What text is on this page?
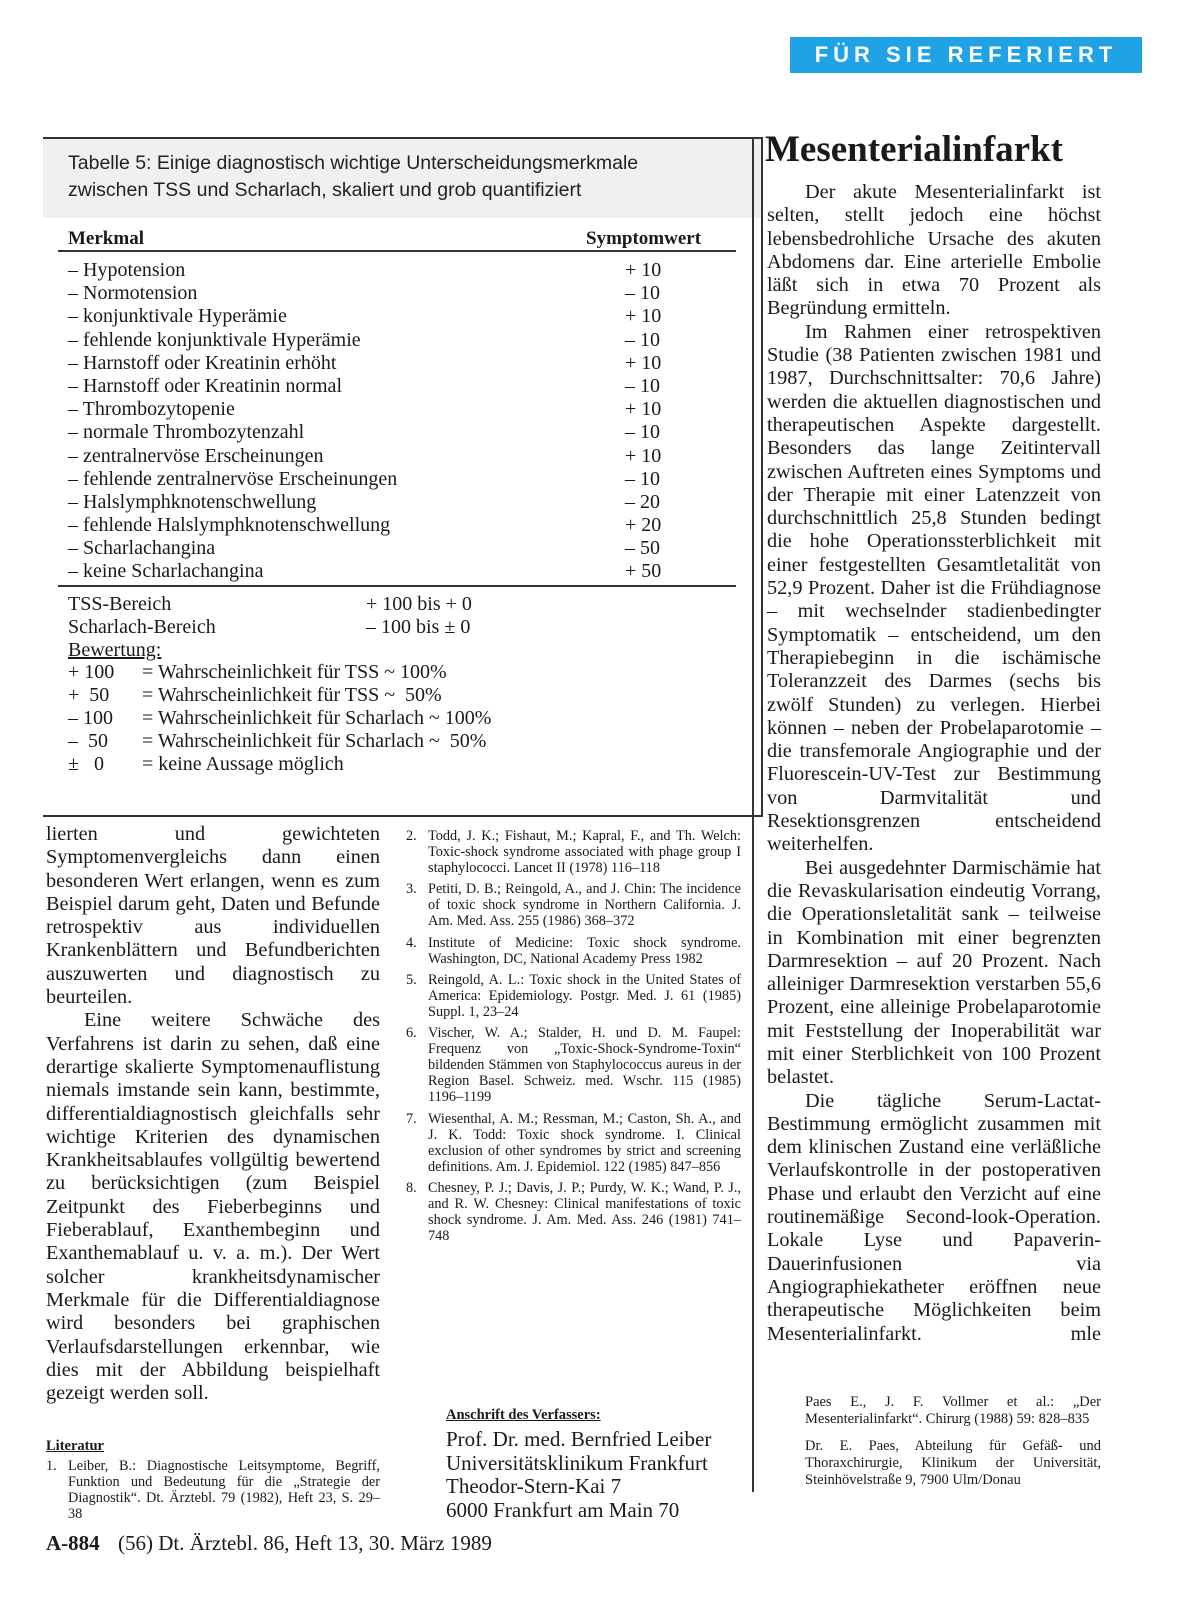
FÜR SIE REFERIERT
Tabelle 5: Einige diagnostisch wichtige Unterscheidungsmerkmale
zwischen TSS und Scharlach, skaliert und grob quantifiziert
Merkmal	Symptomwert
– Hypotension	+ 10
– Normotension	– 10
– konjunktivale Hyperämie	+ 10
– fehlende konjunktivale Hyperämie	– 10
– Harnstoff oder Kreatinin erhöht	+ 10
– Harnstoff oder Kreatinin normal	– 10
– Thrombozytopenie	+ 10
– normale Thrombozytenzahl	– 10
– zentralnervöse Erscheinungen	+ 10
– fehlende zentralnervöse Erscheinungen	– 10
– Halslymphknotenschwellung	– 20
– fehlende Halslymphknotenschwellung	+ 20
– Scharlachangina	– 50
– keine Scharlachangina	+ 50
TSS-Bereich	+ 100 bis + 0
Scharlach-Bereich	– 100 bis ± 0
Bewertung:
+ 100 = Wahrscheinlichkeit für TSS ~ 100%
+  50 = Wahrscheinlichkeit für TSS ~  50%
– 100 = Wahrscheinlichkeit für Scharlach ~ 100%
–  50 = Wahrscheinlichkeit für Scharlach ~  50%
±   0 = keine Aussage möglich

lierten und gewichteten Symptomenvergleichs dann einen besonderen Wert erlangen, wenn es zum Beispiel darum geht, Daten und Befunde retrospektiv aus individuellen Krankenblättern und Befundberichten auszuwerten und diagnostisch zu beurteilen.

Eine weitere Schwäche des Verfahrens ist darin zu sehen, daß eine derartige skalierte Symptomenauflistung niemals imstande sein kann, bestimmte, differentialdiagnostisch gleichfalls sehr wichtige Kriterien des dynamischen Krankheitsablaufes vollgültig bewertend zu berücksichtigen (zum Beispiel Zeitpunkt des Fieberbeginns und Fieberablauf, Exanthembeginn und Exanthemablauf u. v. a. m.). Der Wert solcher krankheitsdynamischer Merkmale für die Differentialdiagnose wird besonders bei graphischen Verlaufsdarstellungen erkennbar, wie dies mit der Abbildung beispielhaft gezeigt werden soll.

Literatur

1. Leiber, B.: Diagnostische Leitsymptome, Begriff, Funktion und Bedeutung für die „Strategie der Diagnostik“. Dt. Ärztebl. 79 (1982), Heft 23, S. 29–38

2. Todd, J. K.; Fishaut, M.; Kapral, F., and Th. Welch: Toxic-shock syndrome associated with phage group I staphylococci. Lancet II (1978) 116–118

3. Petiti, D. B.; Reingold, A., and J. Chin: The incidence of toxic shock syndrome in Northern California. J. Am. Med. Ass. 255 (1986) 368–372

4. Institute of Medicine: Toxic shock syndrome. Washington, DC, National Academy Press 1982

5. Reingold, A. L.: Toxic shock in the United States of America: Epidemiology. Postgr. Med. J. 61 (1985) Suppl. 1, 23–24

6. Vischer, W. A.; Stalder, H. und D. M. Faupel: Frequenz von „Toxic-Shock-Syndrome-Toxin“ bildenden Stämmen von Staphylococcus aureus in der Region Basel. Schweiz. med. Wschr. 115 (1985) 1196–1199

7. Wiesenthal, A. M.; Ressman, M.; Caston, Sh. A., and J. K. Todd: Toxic shock syndrome. I. Clinical exclusion of other syndromes by strict and screening definitions. Am. J. Epidemiol. 122 (1985) 847–856

8. Chesney, P. J.; Davis, J. P.; Purdy, W. K.; Wand, P. J., and R. W. Chesney: Clinical manifestations of toxic shock syndrome. J. Am. Med. Ass. 246 (1981) 741–748

Anschrift des Verfassers:
Prof. Dr. med. Bernfried Leiber
Universitätsklinikum Frankfurt
Theodor-Stern-Kai 7
6000 Frankfurt am Main 70
Mesenterialinfarkt

Der akute Mesenterialinfarkt ist selten, stellt jedoch eine höchst lebensbedrohliche Ursache des akuten Abdomens dar. Eine arterielle Embolie läßt sich in etwa 70 Prozent als Begründung ermitteln.

Im Rahmen einer retrospektiven Studie (38 Patienten zwischen 1981 und 1987, Durchschnittsalter: 70,6 Jahre) werden die aktuellen diagnostischen und therapeutischen Aspekte dargestellt. Besonders das lange Zeitintervall zwischen Auftreten eines Symptoms und der Therapie mit einer Latenzzeit von durchschnittlich 25,8 Stunden bedingt die hohe Operationssterblichkeit mit einer festgestellten Gesamtletalität von 52,9 Prozent. Daher ist die Frühdiagnose – mit wechselnder stadienbedingter Symptomatik – entscheidend, um den Therapiebeginn in die ischämische Toleranzzeit des Darmes (sechs bis zwölf Stunden) zu verlegen. Hierbei können – neben der Probelaparotomie – die transfemorale Angiographie und der Fluorescein-UV-Test zur Bestimmung von Darmvitalität und Resektionsgrenzen entscheidend weiterhelfen.

Bei ausgedehnter Darmischämie hat die Revaskularisation eindeutig Vorrang, die Operationsletalität sank – teilweise in Kombination mit einer begrenzten Darmresektion – auf 20 Prozent. Nach alleiniger Darmresektion verstarben 55,6 Prozent, eine alleinige Probelaparotomie mit Feststellung der Inoperabilität war mit einer Sterblichkeit von 100 Prozent belastet.

Die tägliche Serum-Lactat-Bestimmung ermöglicht zusammen mit dem klinischen Zustand eine verläßliche Verlaufskontrolle in der postoperativen Phase und erlaubt den Verzicht auf eine routinemäßige Second-look-Operation. Lokale Lyse und Papaverin-Dauerinfusionen via Angiographiekatheter eröffnen neue therapeutische Möglichkeiten beim Mesenterialinfarkt.	mle

Paes E., J. F. Vollmer et al.: „Der Mesenterialinfarkt“. Chirurg (1988) 59: 828–835
Dr. E. Paes, Abteilung für Gefäß- und Thoraxchirurgie, Klinikum der Universität, Steinhövelstraße 9, 7900 Ulm/Donau
A-884 (56) Dt. Ärztebl. 86, Heft 13, 30. März 1989
